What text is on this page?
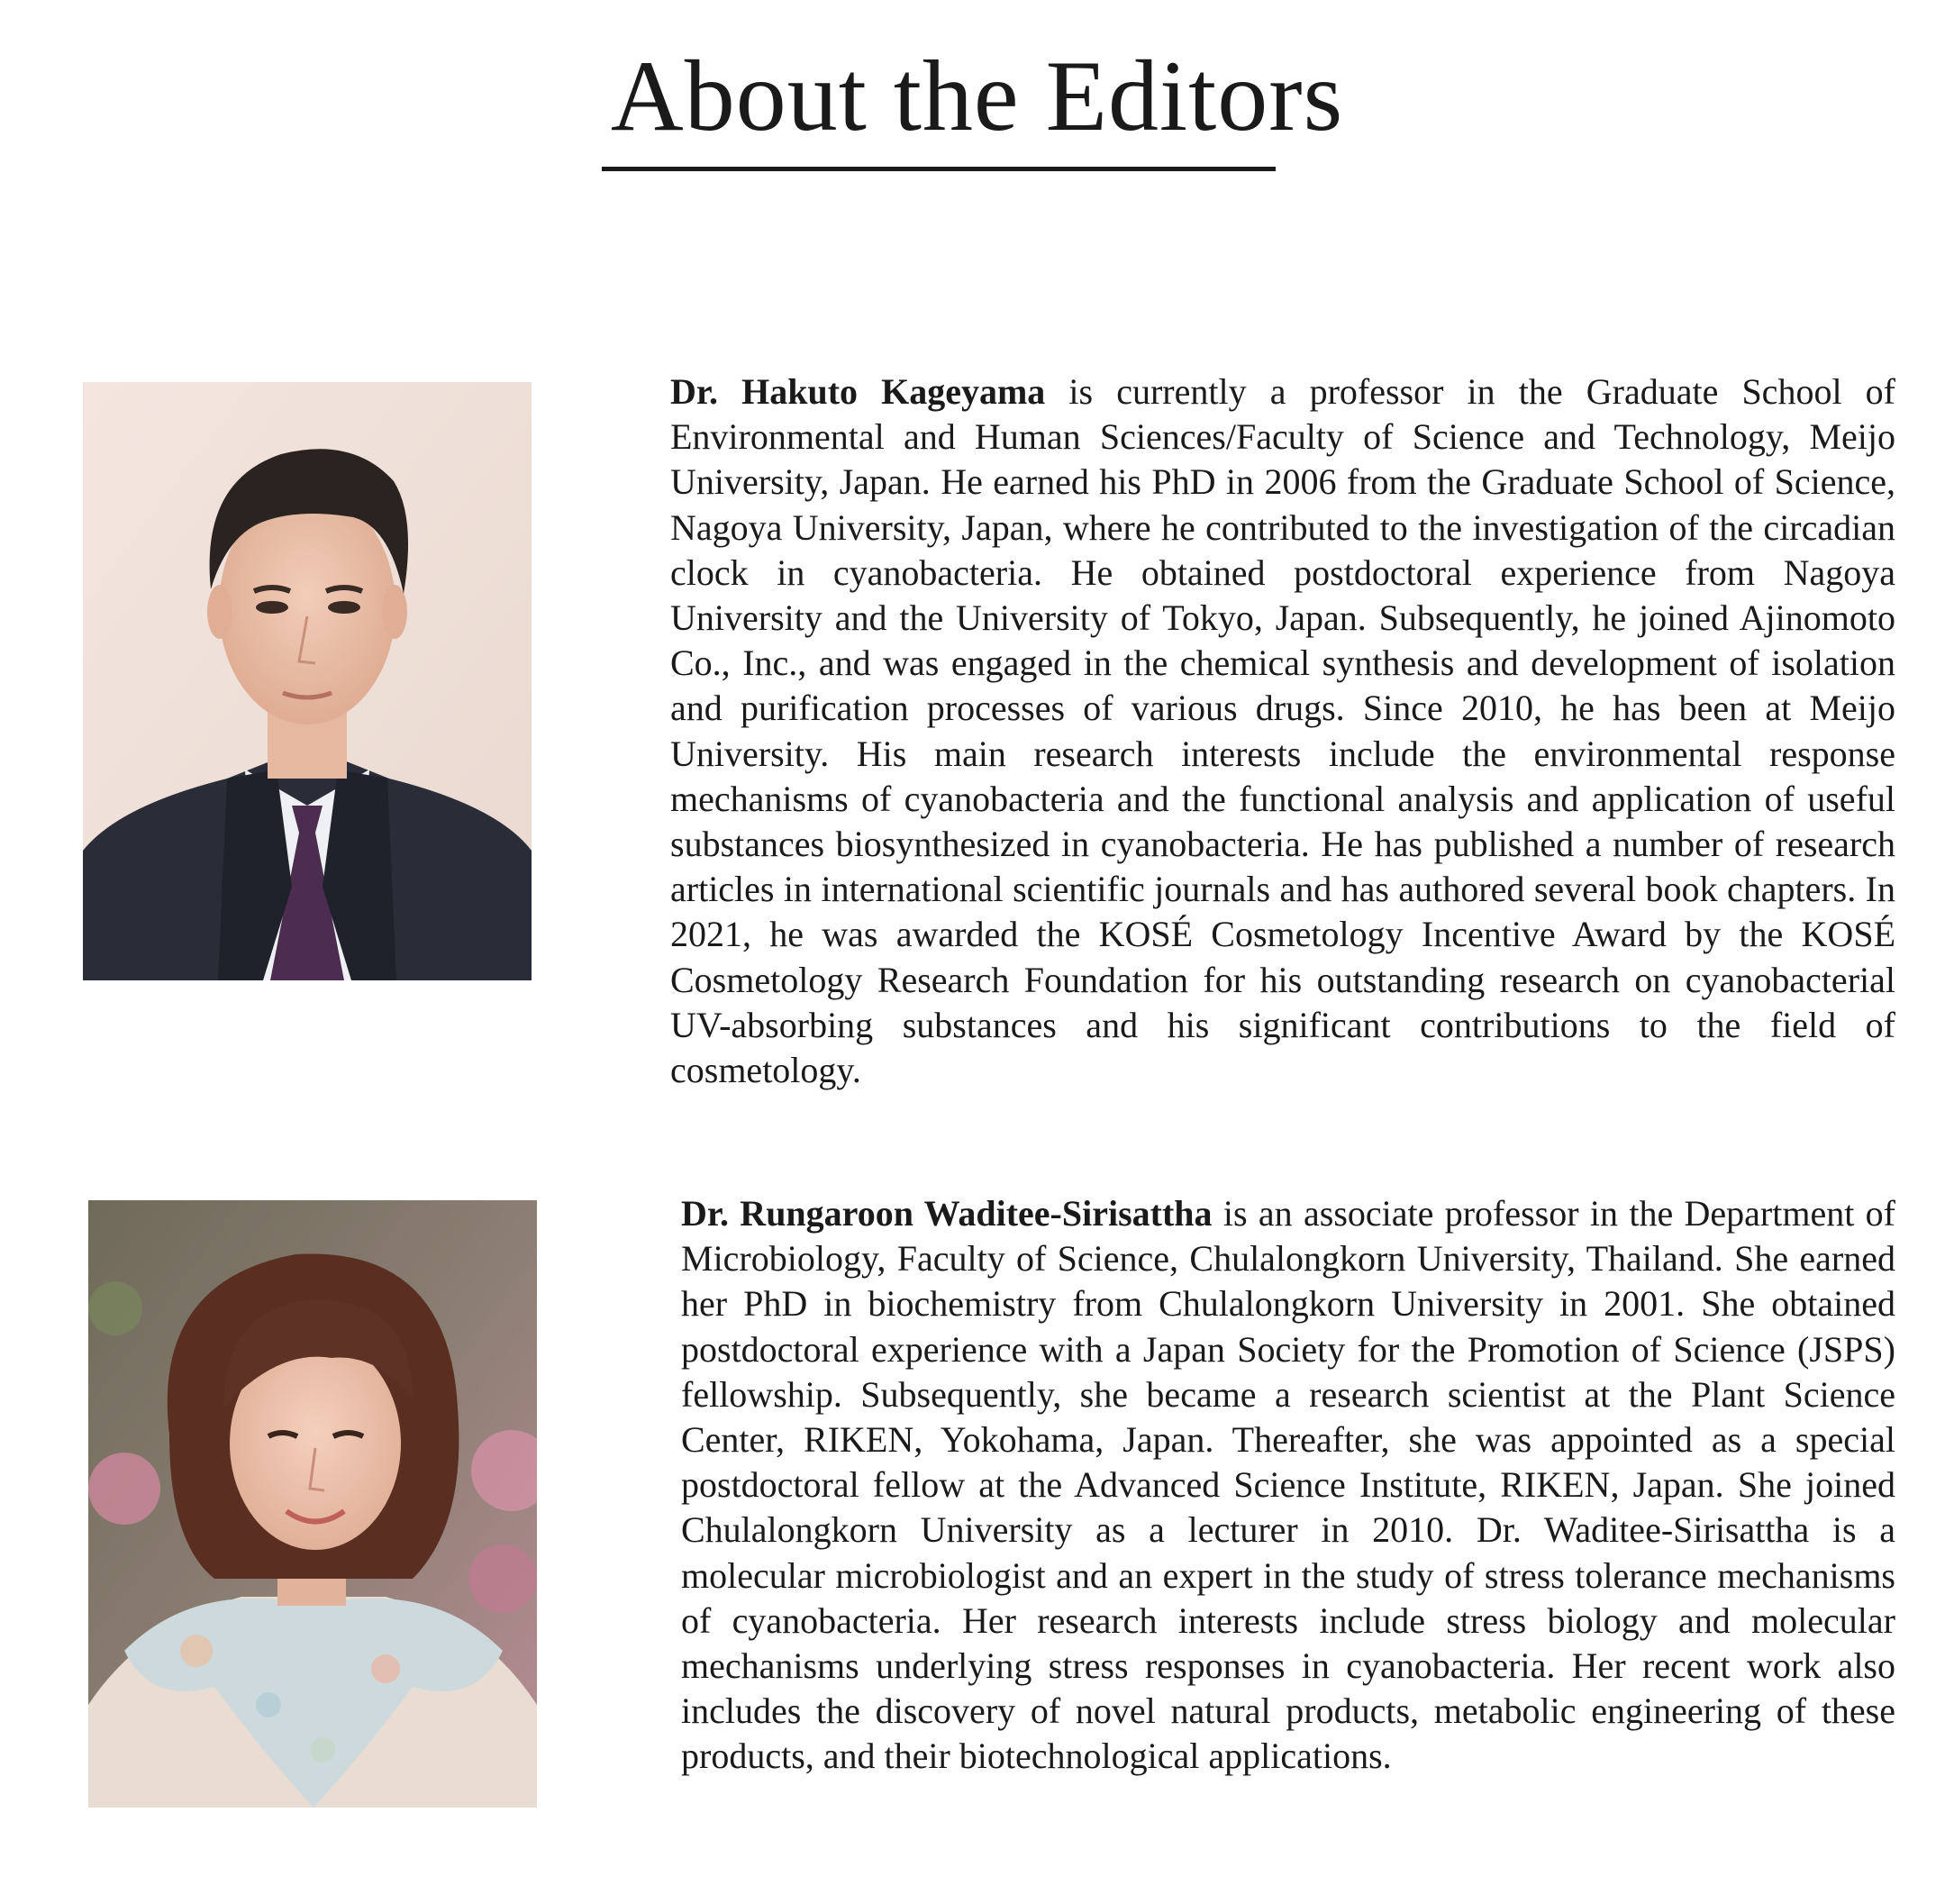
About the Editors

Dr. Hakuto Kageyama is currently a professor in the Graduate School of Environmental and Human Sciences/Faculty of Science and Technology, Meijo University, Japan. He earned his PhD in 2006 from the Graduate School of Science, Nagoya University, Japan, where he contributed to the investigation of the circadian clock in cyanobacteria. He obtained postdoctoral experience from Nagoya University and the University of Tokyo, Japan. Subsequently, he joined Ajinomoto Co., Inc., and was engaged in the chemical synthesis and development of isolation and purification processes of various drugs. Since 2010, he has been at Meijo University. His main research interests include the environmental response mechanisms of cyanobacteria and the functional analysis and application of useful substances biosynthesized in cyanobacteria. He has published a number of research articles in international scientific journals and has authored several book chapters. In 2021, he was awarded the KOSÉ Cosmetology Incentive Award by the KOSÉ Cosmetology Research Foundation for his outstanding research on cyanobacterial UV-absorbing substances and his significant contributions to the field of cosmetology.

Dr. Rungaroon Waditee-Sirisattha is an associate professor in the Department of Microbiology, Faculty of Science, Chulalongkorn University, Thailand. She earned her PhD in biochemistry from Chulalongkorn University in 2001. She obtained postdoctoral experience with a Japan Society for the Promotion of Science (JSPS) fellowship. Subsequently, she became a research scientist at the Plant Science Center, RIKEN, Yokohama, Japan. Thereafter, she was appointed as a special postdoctoral fellow at the Advanced Science Institute, RIKEN, Japan. She joined Chulalongkorn University as a lecturer in 2010. Dr. Waditee-Sirisattha is a molecular microbiologist and an expert in the study of stress tolerance mechanisms of cyanobacteria. Her research interests include stress biology and molecular mechanisms underlying stress responses in cyanobacteria. Her recent work also includes the discovery of novel natural products, metabolic engineering of these products, and their biotechnological applications.
